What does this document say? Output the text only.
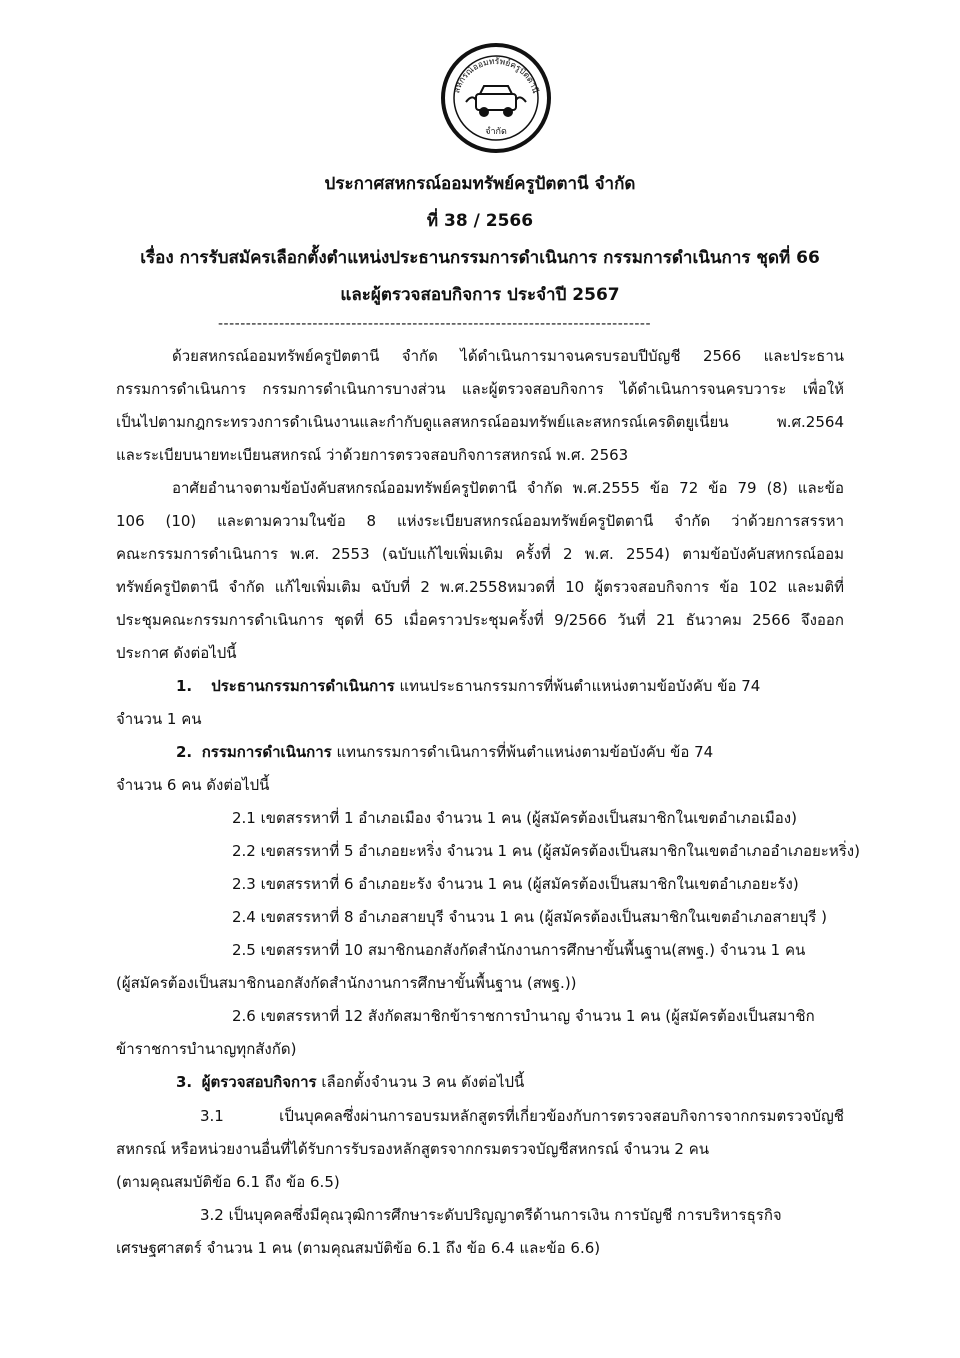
สหกรณ์ออมทรัพย์ครูปัตตานี
จำกัด
ประกาศสหกรณ์ออมทรัพย์ครูปัตตานี จำกัด
ที่ 38 / 2566
เรื่อง การรับสมัครเลือกตั้งตำแหน่งประธานกรรมการดำเนินการ กรรมการดำเนินการ ชุดที่ 66
และผู้ตรวจสอบกิจการ ประจำปี 2567
------------------------------------------------------------------------------
ด้วยสหกรณ์ออมทรัพย์ครูปัตตานี จำกัด ได้ดำเนินการมาจนครบรอบปีบัญชี 2566 และประธาน
กรรมการดำเนินการ กรรมการดำเนินการบางส่วน และผู้ตรวจสอบกิจการ ได้ดำเนินการจนครบวาระ เพื่อให้
เป็นไปตามกฎกระทรวงการดำเนินงานและกำกับดูแลสหกรณ์ออมทรัพย์และสหกรณ์เครดิตยูเนี่ยน พ.ศ.2564
และระเบียบนายทะเบียนสหกรณ์ ว่าด้วยการตรวจสอบกิจการสหกรณ์ พ.ศ. 2563
อาศัยอำนาจตามข้อบังคับสหกรณ์ออมทรัพย์ครูปัตตานี จำกัด พ.ศ.2555 ข้อ 72 ข้อ 79 (8) และข้อ
106 (10) และตามความในข้อ 8 แห่งระเบียบสหกรณ์ออมทรัพย์ครูปัตตานี จำกัด ว่าด้วยการสรรหา
คณะกรรมการดำเนินการ พ.ศ. 2553 (ฉบับแก้ไขเพิ่มเติม ครั้งที่ 2 พ.ศ. 2554) ตามข้อบังคับสหกรณ์ออม
ทรัพย์ครูปัตตานี จำกัด แก้ไขเพิ่มเติม ฉบับที่ 2 พ.ศ.2558หมวดที่ 10 ผู้ตรวจสอบกิจการ ข้อ 102 และมติที่
ประชุมคณะกรรมการดำเนินการ ชุดที่ 65 เมื่อคราวประชุมครั้งที่ 9/2566 วันที่ 21 ธันวาคม 2566 จึงออก
ประกาศ ดังต่อไปนี้
1. ประธานกรรมการดำเนินการ แทนประธานกรรมการที่พ้นตำแหน่งตามข้อบังคับ ข้อ 74
จำนวน 1 คน
2. กรรมการดำเนินการ แทนกรรมการดำเนินการที่พ้นตำแหน่งตามข้อบังคับ ข้อ 74
จำนวน 6 คน ดังต่อไปนี้
2.1 เขตสรรหาที่ 1 อำเภอเมือง จำนวน 1 คน (ผู้สมัครต้องเป็นสมาชิกในเขตอำเภอเมือง)
2.2 เขตสรรหาที่ 5 อำเภอยะหริ่ง จำนวน 1 คน (ผู้สมัครต้องเป็นสมาชิกในเขตอำเภออำเภอยะหริ่ง)
2.3 เขตสรรหาที่ 6 อำเภอยะรัง จำนวน 1 คน (ผู้สมัครต้องเป็นสมาชิกในเขตอำเภอยะรัง)
2.4 เขตสรรหาที่ 8 อำเภอสายบุรี จำนวน 1 คน (ผู้สมัครต้องเป็นสมาชิกในเขตอำเภอสายบุรี )
2.5 เขตสรรหาที่ 10 สมาชิกนอกสังกัดสำนักงานการศึกษาขั้นพื้นฐาน(สพฐ.) จำนวน 1 คน
(ผู้สมัครต้องเป็นสมาชิกนอกสังกัดสำนักงานการศึกษาขั้นพื้นฐาน (สพฐ.))
2.6 เขตสรรหาที่ 12 สังกัดสมาชิกข้าราชการบำนาญ จำนวน 1 คน (ผู้สมัครต้องเป็นสมาชิก
ข้าราชการบำนาญทุกสังกัด)
3. ผู้ตรวจสอบกิจการ เลือกตั้งจำนวน 3 คน ดังต่อไปนี้
3.1 เป็นบุคคลซึ่งผ่านการอบรมหลักสูตรที่เกี่ยวข้องกับการตรวจสอบกิจการจากกรมตรวจบัญชี
สหกรณ์ หรือหน่วยงานอื่นที่ได้รับการรับรองหลักสูตรจากกรมตรวจบัญชีสหกรณ์ จำนวน 2 คน
(ตามคุณสมบัติข้อ 6.1 ถึง ข้อ 6.5)
3.2 เป็นบุคคลซึ่งมีคุณวุฒิการศึกษาระดับปริญญาตรีด้านการเงิน การบัญชี การบริหารธุรกิจ
เศรษฐศาสตร์ จำนวน 1 คน (ตามคุณสมบัติข้อ 6.1 ถึง ข้อ 6.4 และข้อ 6.6)
